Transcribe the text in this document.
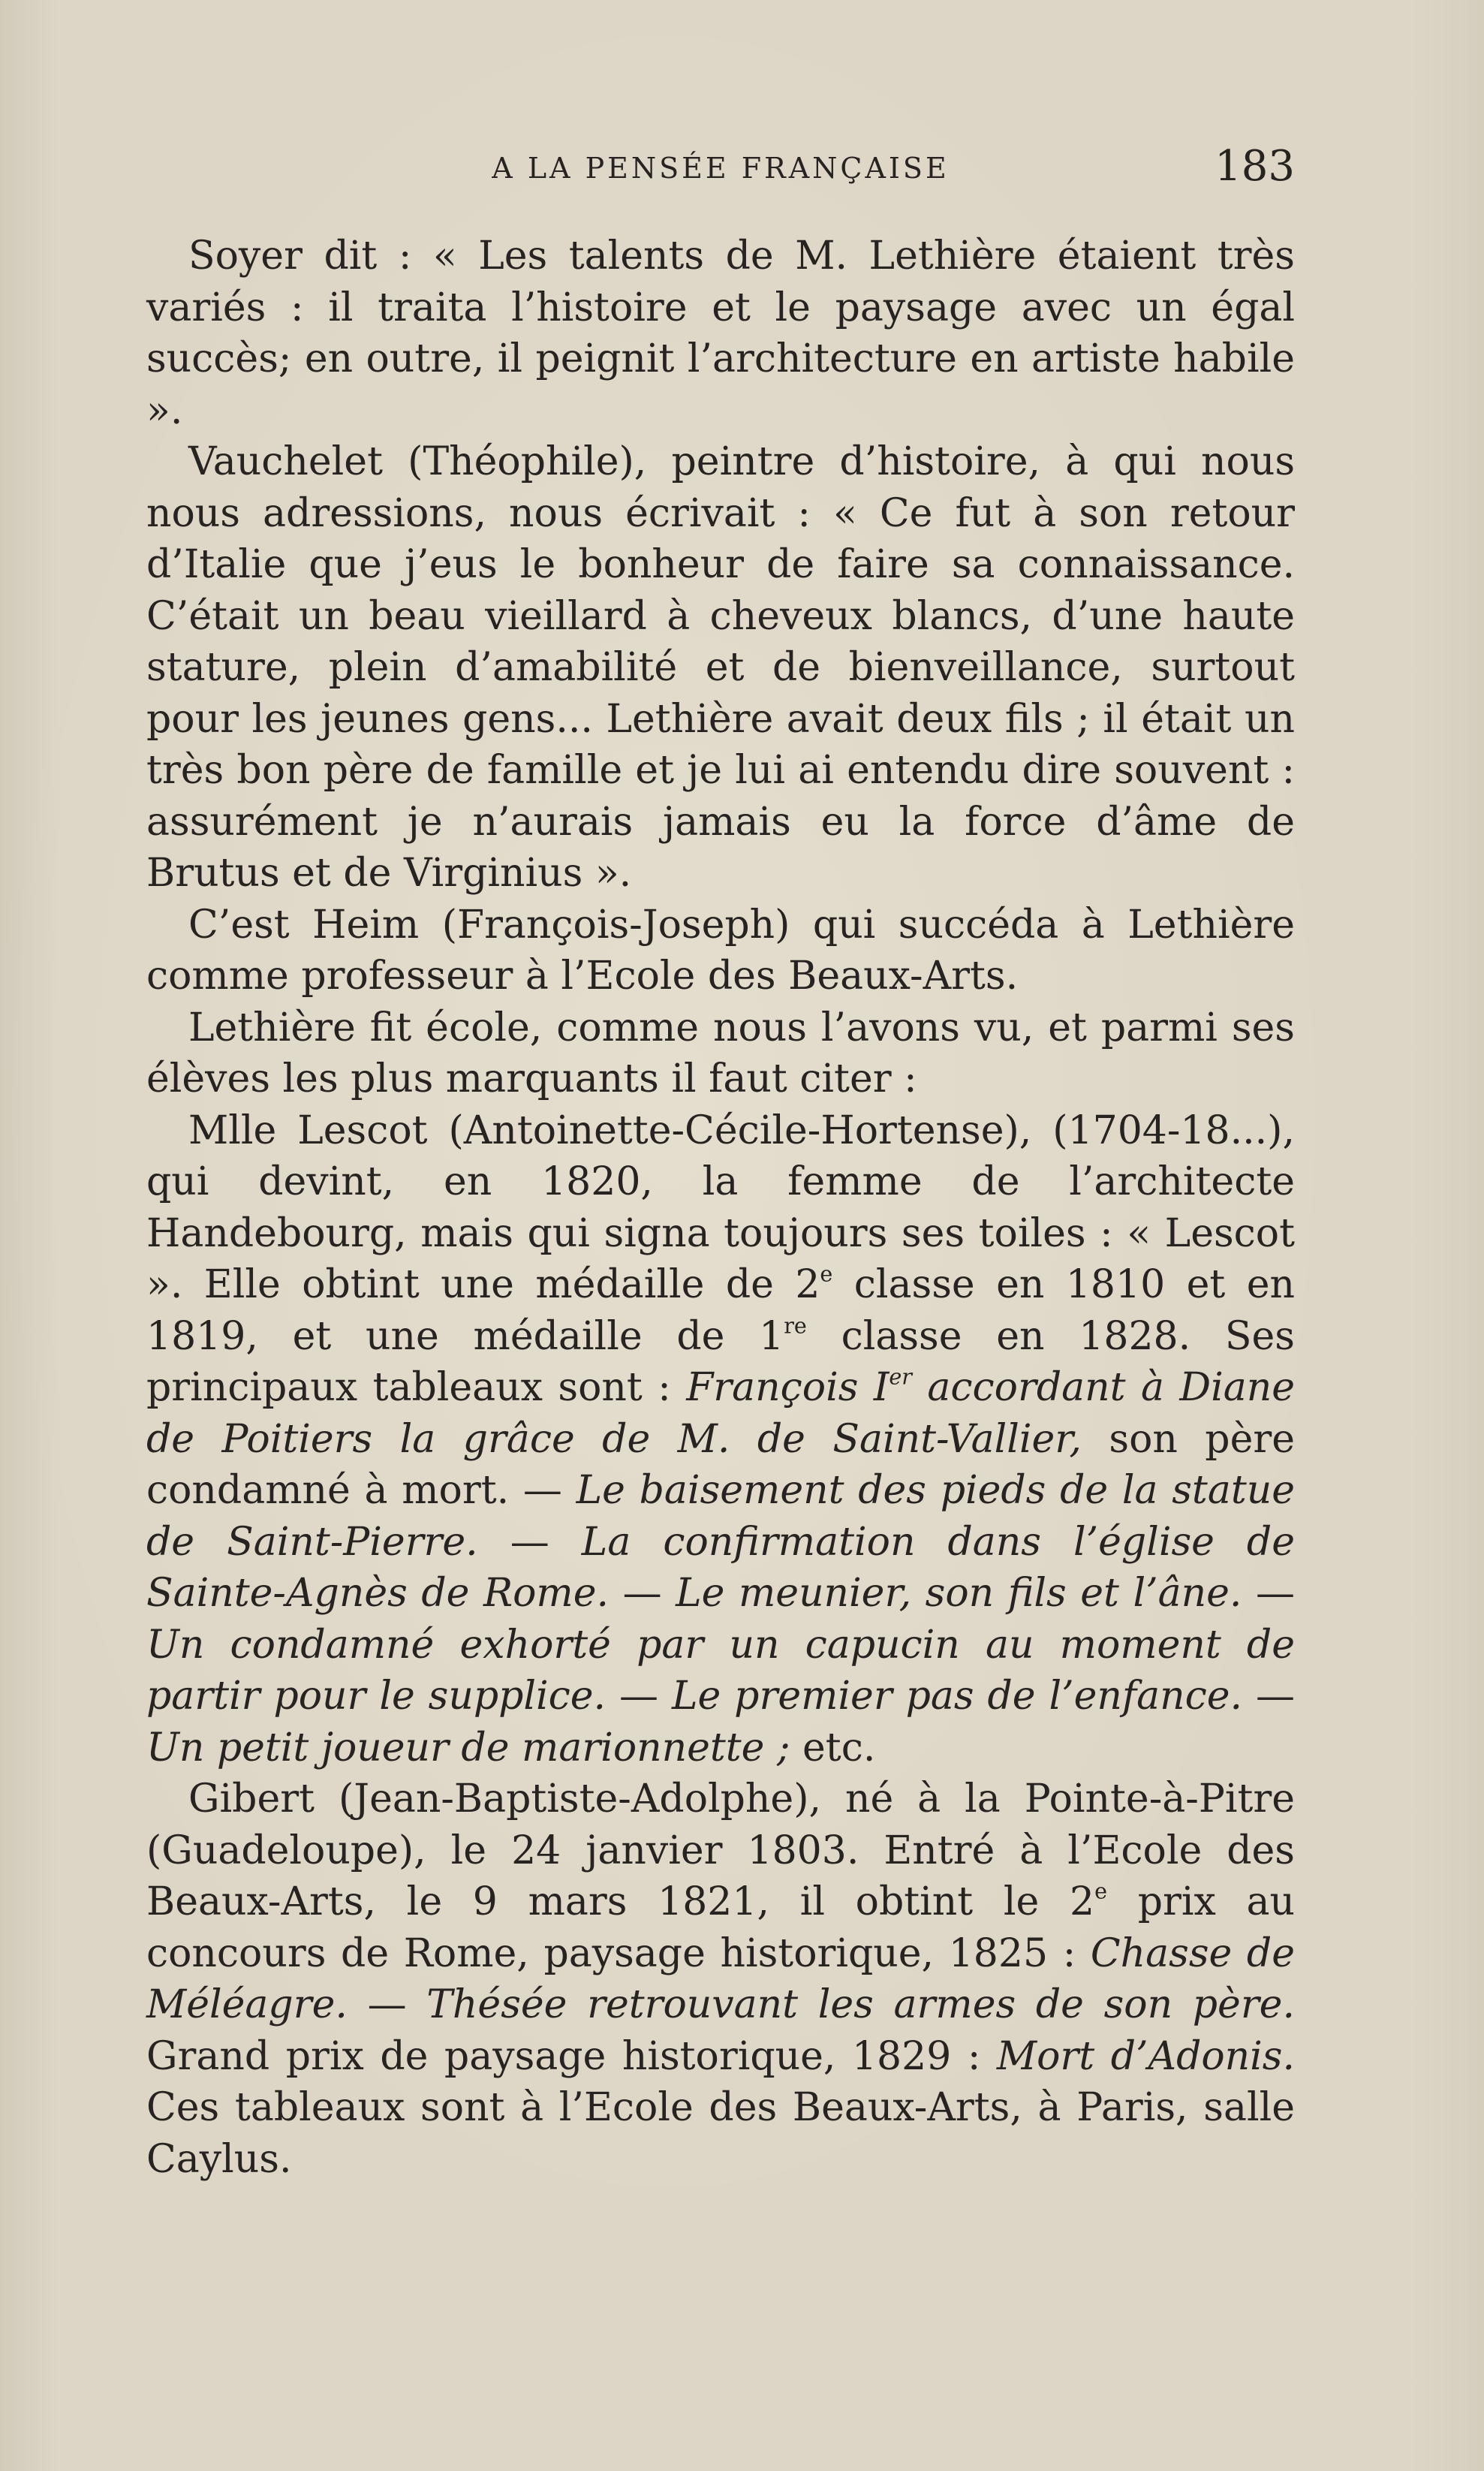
A LA PENSÉE FRANÇAISE	183

Soyer dit : « Les talents de M. Lethière étaient très variés : il traita l’histoire et le paysage avec un égal succès; en outre, il peignit l’architecture en artiste habile ».

Vauchelet (Théophile), peintre d’histoire, à qui nous nous adressions, nous écrivait : « Ce fut à son retour d’Italie que j’eus le bonheur de faire sa connaissance. C’était un beau vieillard à cheveux blancs, d’une haute stature, plein d’amabilité et de bienveillance, surtout pour les jeunes gens... Lethière avait deux fils ; il était un très bon père de famille et je lui ai entendu dire souvent : assurément je n’aurais jamais eu la force d’âme de Brutus et de Virginius ».

C’est Heim (François-Joseph) qui succéda à Lethière comme professeur à l’Ecole des Beaux-Arts.

Lethière fit école, comme nous l’avons vu, et parmi ses élèves les plus marquants il faut citer :

Mlle Lescot (Antoinette-Cécile-Hortense), (1704-18...), qui devint, en 1820, la femme de l’architecte Handebourg, mais qui signa toujours ses toiles : « Lescot ». Elle obtint une médaille de 2e classe en 1810 et en 1819, et une médaille de 1re classe en 1828. Ses principaux tableaux sont : François Ier accordant à Diane de Poitiers la grâce de M. de Saint-Vallier, son père condamné à mort. — Le baisement des pieds de la statue de Saint-Pierre. — La confirmation dans l’église de Sainte-Agnès de Rome. — Le meunier, son fils et l’âne. — Un condamné exhorté par un capucin au moment de partir pour le supplice. — Le premier pas de l’enfance. — Un petit joueur de marionnette ; etc.

Gibert (Jean-Baptiste-Adolphe), né à la Pointe-à-Pitre (Guadeloupe), le 24 janvier 1803. Entré à l’Ecole des Beaux-Arts, le 9 mars 1821, il obtint le 2e prix au concours de Rome, paysage historique, 1825 : Chasse de Méléagre. — Thésée retrouvant les armes de son père. Grand prix de paysage historique, 1829 : Mort d’Adonis. Ces tableaux sont à l’Ecole des Beaux-Arts, à Paris, salle Caylus.
